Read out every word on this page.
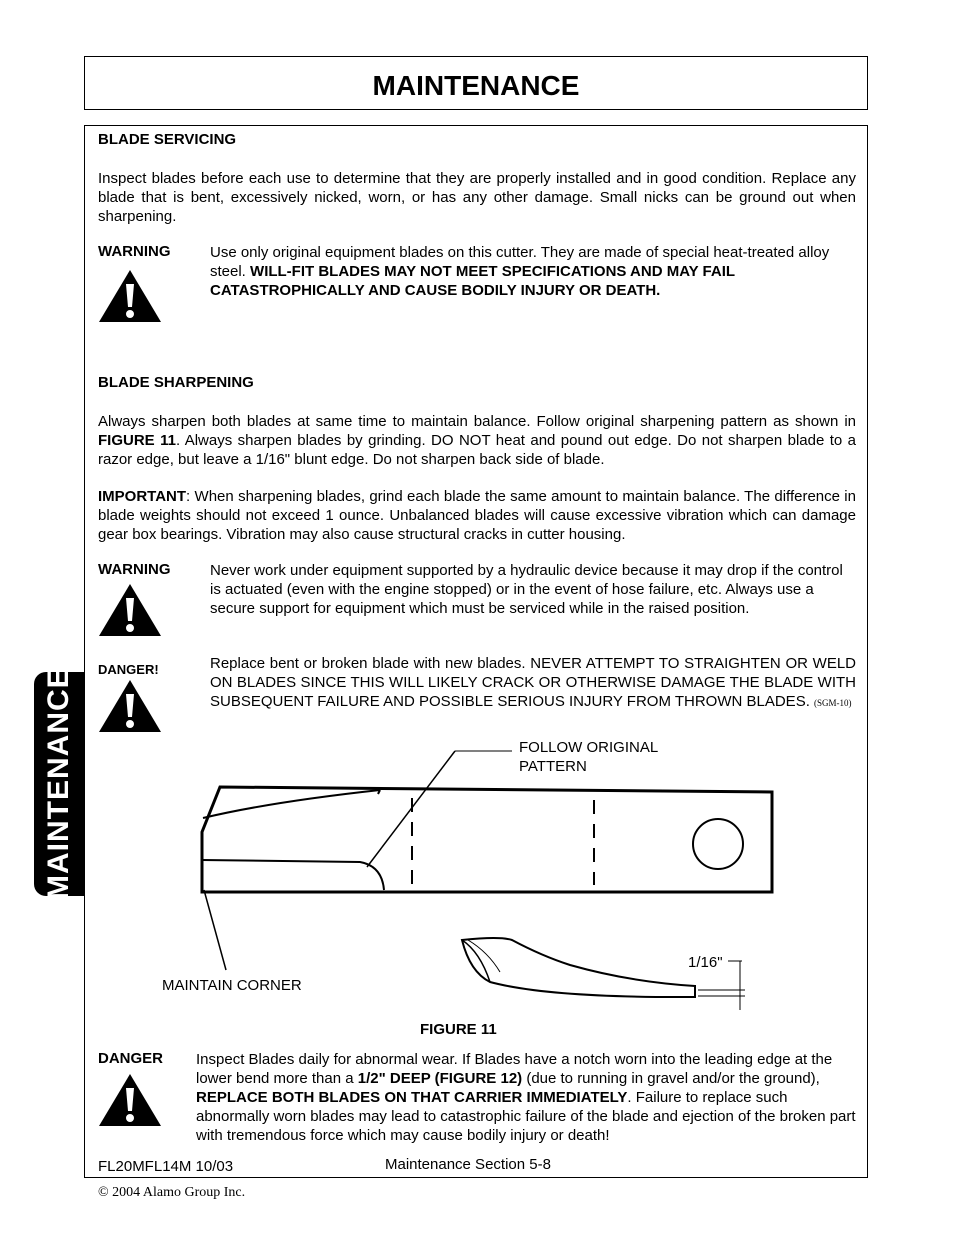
MAINTENANCE
MAINTENANCE
BLADE SERVICING
Inspect blades before each use to determine that they are properly installed and in good condition. Replace any blade that is bent, excessively nicked, worn, or has any other damage. Small nicks can be ground out when sharpening.
WARNING	Use only original equipment blades on this cutter. They are made of special heat-treated alloy steel. WILL-FIT BLADES MAY NOT MEET SPECIFICATIONS AND MAY FAIL CATASTROPHICALLY AND CAUSE BODILY INJURY OR DEATH.
BLADE SHARPENING
Always sharpen both blades at same time to maintain balance. Follow original sharpening pattern as shown in FIGURE 11. Always sharpen blades by grinding. DO NOT heat and pound out edge. Do not sharpen blade to a razor edge, but leave a 1/16" blunt edge. Do not sharpen back side of blade.
IMPORTANT: When sharpening blades, grind each blade the same amount to maintain balance. The difference in blade weights should not exceed 1 ounce. Unbalanced blades will cause excessive vibration which can damage gear box bearings. Vibration may also cause structural cracks in cutter housing.
WARNING	Never work under equipment supported by a hydraulic device because it may drop if the control is actuated (even with the engine stopped) or in the event of hose failure, etc. Always use a secure support for equipment which must be serviced while in the raised position.
DANGER!	Replace bent or broken blade with new blades. NEVER ATTEMPT TO STRAIGHTEN OR WELD ON BLADES SINCE THIS WILL LIKELY CRACK OR OTHERWISE DAMAGE THE BLADE WITH SUBSEQUENT FAILURE AND POSSIBLE SERIOUS INJURY FROM THROWN BLADES. (SGM-10)
FOLLOW ORIGINAL
PATTERN
MAINTAIN CORNER
1/16"
FIGURE 11
DANGER Inspect Blades daily for abnormal wear. If Blades have a notch worn into the leading edge at the lower bend more than a 1/2" DEEP (FIGURE 12) (due to running in gravel and/or the ground), REPLACE BOTH BLADES ON THAT CARRIER IMMEDIATELY. Failure to replace such abnormally worn blades may lead to catastrophic failure of the blade and ejection of the broken part with tremendous force which may cause bodily injury or death!
FL20MFL14M 10/03	Maintenance Section 5-8
© 2004 Alamo Group Inc.
